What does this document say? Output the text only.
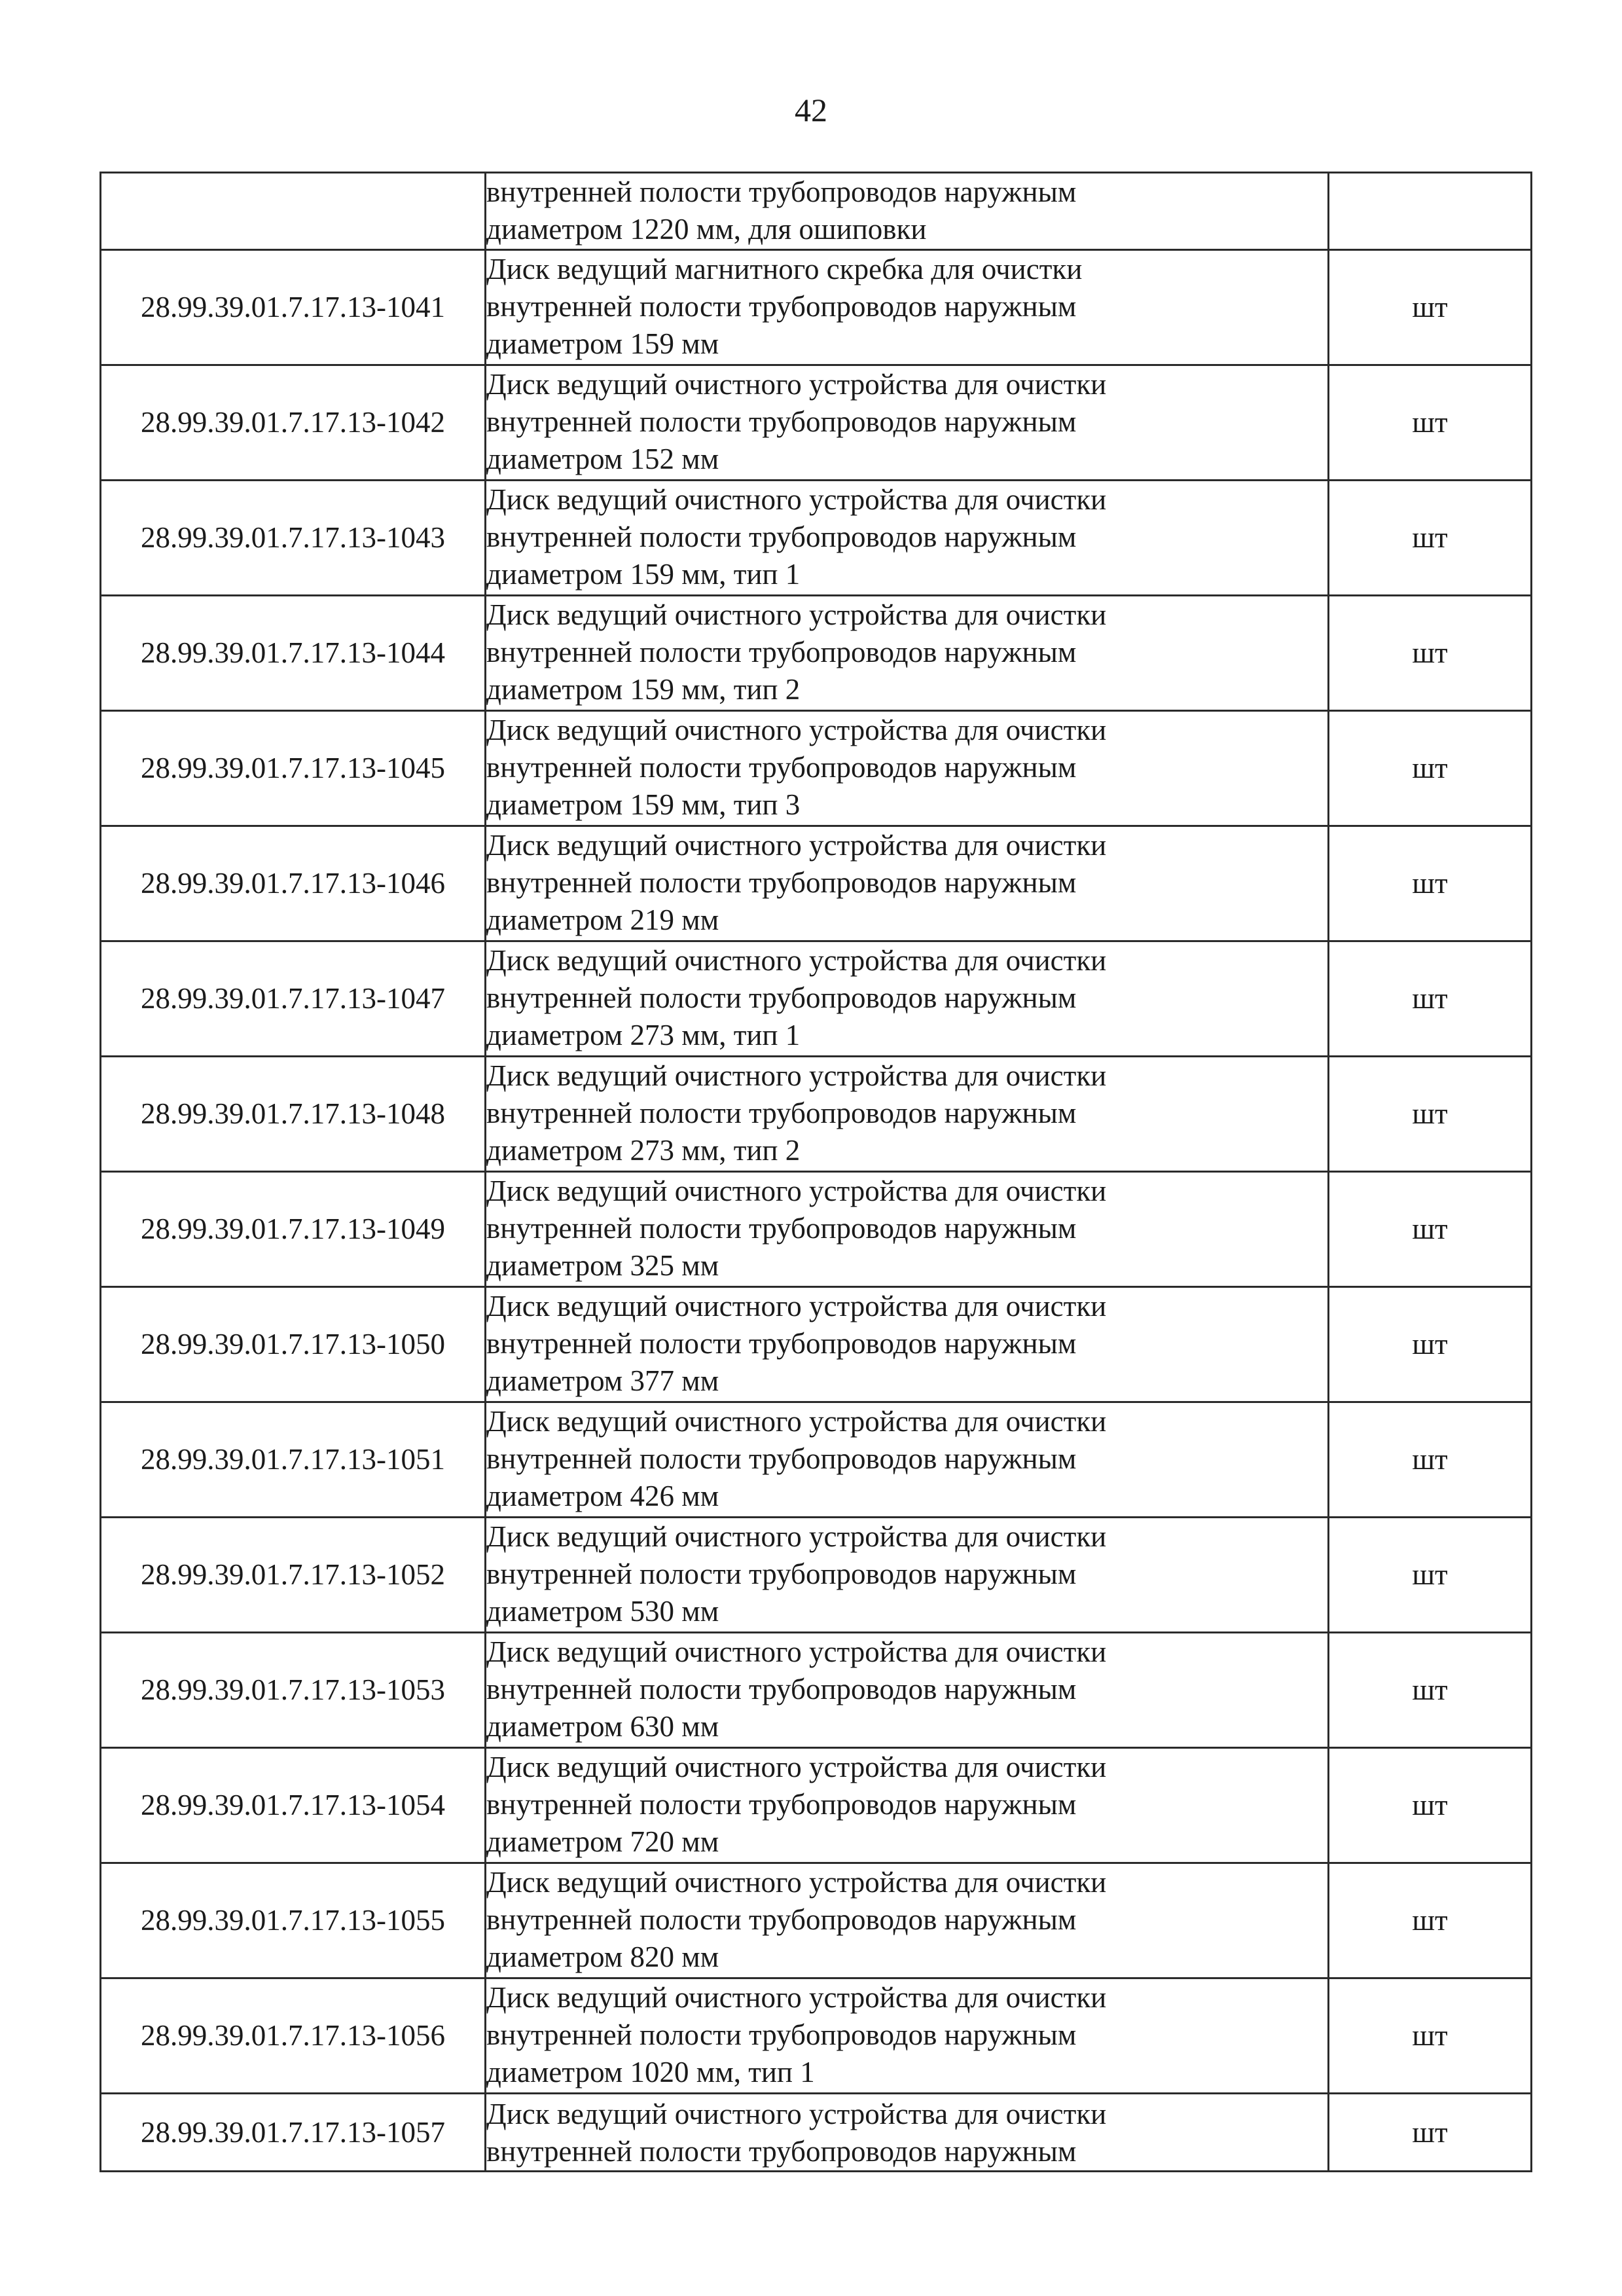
42

	внутренней полости трубопроводов наружным
диаметром 1220 мм, для ошиповки	

28.99.39.01.7.17.13-1041	Диск ведущий магнитного скребка для очистки
внутренней полости трубопроводов наружным
диаметром 159 мм	шт
28.99.39.01.7.17.13-1042	Диск ведущий очистного устройства для очистки
внутренней полости трубопроводов наружным
диаметром 152 мм	шт
28.99.39.01.7.17.13-1043	Диск ведущий очистного устройства для очистки
внутренней полости трубопроводов наружным
диаметром 159 мм, тип 1	шт
28.99.39.01.7.17.13-1044	Диск ведущий очистного устройства для очистки
внутренней полости трубопроводов наружным
диаметром 159 мм, тип 2	шт
28.99.39.01.7.17.13-1045	Диск ведущий очистного устройства для очистки
внутренней полости трубопроводов наружным
диаметром 159 мм, тип 3	шт
28.99.39.01.7.17.13-1046	Диск ведущий очистного устройства для очистки
внутренней полости трубопроводов наружным
диаметром 219 мм	шт
28.99.39.01.7.17.13-1047	Диск ведущий очистного устройства для очистки
внутренней полости трубопроводов наружным
диаметром 273 мм, тип 1	шт
28.99.39.01.7.17.13-1048	Диск ведущий очистного устройства для очистки
внутренней полости трубопроводов наружным
диаметром 273 мм, тип 2	шт
28.99.39.01.7.17.13-1049	Диск ведущий очистного устройства для очистки
внутренней полости трубопроводов наружным
диаметром 325 мм	шт
28.99.39.01.7.17.13-1050	Диск ведущий очистного устройства для очистки
внутренней полости трубопроводов наружным
диаметром 377 мм	шт
28.99.39.01.7.17.13-1051	Диск ведущий очистного устройства для очистки
внутренней полости трубопроводов наружным
диаметром 426 мм	шт
28.99.39.01.7.17.13-1052	Диск ведущий очистного устройства для очистки
внутренней полости трубопроводов наружным
диаметром 530 мм	шт
28.99.39.01.7.17.13-1053	Диск ведущий очистного устройства для очистки
внутренней полости трубопроводов наружным
диаметром 630 мм	шт
28.99.39.01.7.17.13-1054	Диск ведущий очистного устройства для очистки
внутренней полости трубопроводов наружным
диаметром 720 мм	шт
28.99.39.01.7.17.13-1055	Диск ведущий очистного устройства для очистки
внутренней полости трубопроводов наружным
диаметром 820 мм	шт
28.99.39.01.7.17.13-1056	Диск ведущий очистного устройства для очистки
внутренней полости трубопроводов наружным
диаметром 1020 мм, тип 1	шт
28.99.39.01.7.17.13-1057	Диск ведущий очистного устройства для очистки
внутренней полости трубопроводов наружным	шт
